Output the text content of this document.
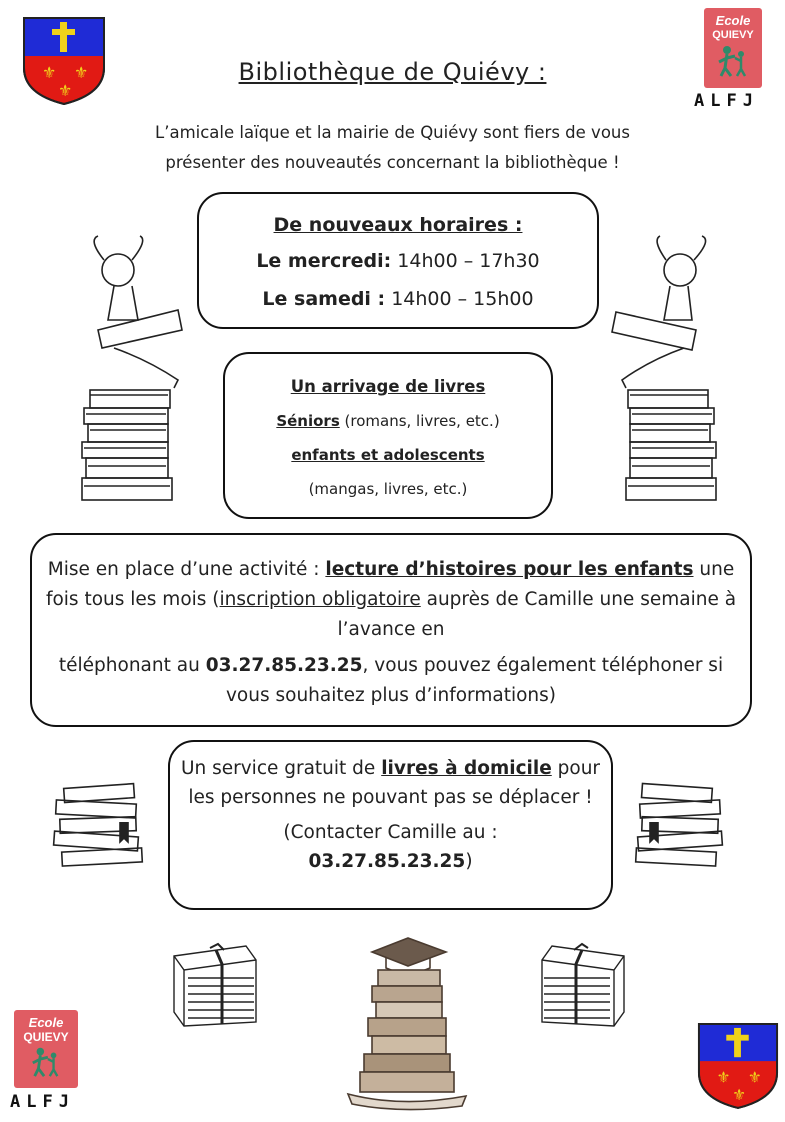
⚜ ⚜
⚜
⚜ ⚜
⚜
Ecole
QUIEVY
ALFJ
Ecole
QUIEVY
ALFJ
Bibliothèque de Quiévy :
L’amicale laïque et la mairie de Quiévy sont fiers de vous
présenter des nouveautés concernant la bibliothèque !
De nouveaux horaires :
Le mercredi: 14h00 – 17h30
Le samedi : 14h00 – 15h00
Un arrivage de livres
Séniors (romans, livres, etc.)
enfants et adolescents
(mangas, livres, etc.)
Mise en place d’une activité : lecture d’histoires pour les enfants une fois tous les mois (inscription obligatoire auprès de Camille une semaine à l’avance en
téléphonant au 03.27.85.23.25, vous pouvez également téléphoner si vous souhaitez plus d’informations)
Un service gratuit de livres à domicile pour les personnes ne pouvant pas se déplacer !
(Contacter Camille au :
03.27.85.23.25)
